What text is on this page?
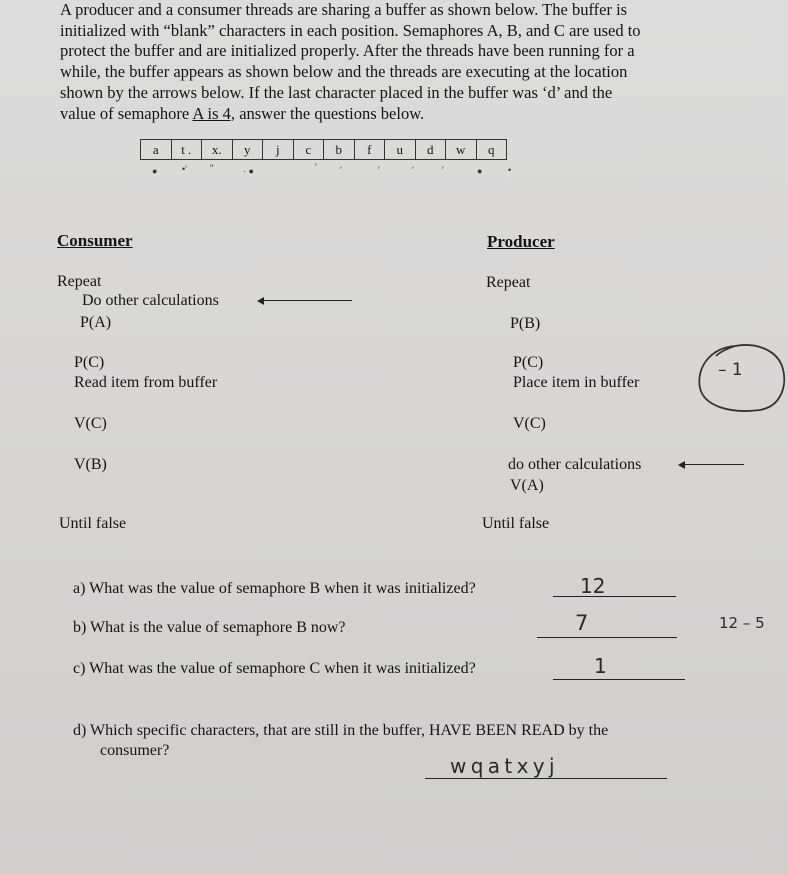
A producer and a consumer threads are sharing a buffer as shown below. The buffer is

initialized with “blank” characters in each position. Semaphores A, B, and C are used to

protect the buffer and are initialized properly. After the threads have been running for a

while, the buffer appears as shown below and the threads are executing at the location

shown by the arrows below. If the last character placed in the buffer was ‘d’ and the

value of semaphore A is 4, answer the questions below.

a	t .	x.	y	j	c	b	f	u	d	w	q
●	•′	′′	· ●	′	′	′	′	′	●	•
Consumer	Producer
Repeat
Do other calculations
P(A)
P(C)
Read item from buffer
V(C)
V(B)
Until false
Repeat
P(B)
P(C)
Place item in buffer
V(C)
do other calculations
V(A)
Until false
– 1
a) What was the value of semaphore B when it was initialized?	12
b) What is the value of semaphore B now?	7	12 – 5
c) What was the value of semaphore C when it was initialized?	1
d) Which specific characters, that are still in the buffer, HAVE BEEN READ by the
consumer?
w q a t x y j
